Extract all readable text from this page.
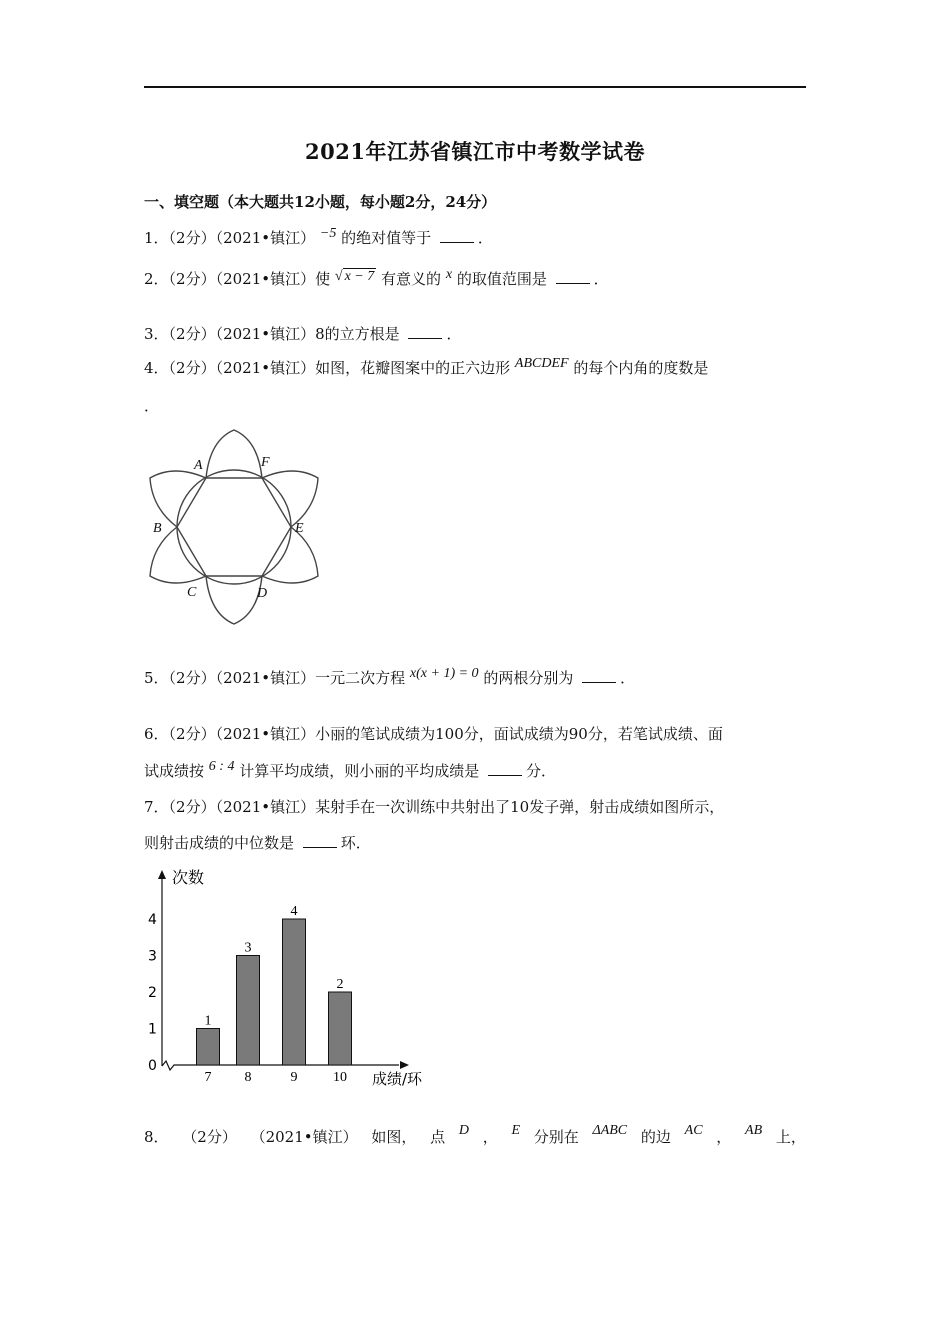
2021年江苏省镇江市中考数学试卷
一、填空题（本大题共12小题，每小题2分，24分）
1．（2分）（2021•镇江） −5 的绝对值等于	．
2．（2分）（2021•镇江）使 √ x − 7 有意义的 x 的取值范围是	．
3．（2分）（2021•镇江）8的立方根是	．
4．（2分）（2021•镇江）如图，花瓣图案中的正六边形 ABCDEF 的每个内角的度数是
．
A	F
B	E
C	D
5．（2分）（2021•镇江）一元二次方程 x(x + 1) = 0 的两根分别为	．
6．（2分）（2021•镇江）小丽的笔试成绩为100分，面试成绩为90分，若笔试成绩、面
试成绩按 6 : 4 计算平均成绩，则小丽的平均成绩是	分．
7．（2分）（2021•镇江）某射手在一次训练中共射出了10发子弹，射击成绩如图所示，
则射击成绩的中位数是	环．
次数
成绩/环
0
1
2
3
4
1
7
3
8
4
9
2
10
8． （2分） （2021•镇江） 如图， 点 D ， E 分别在 ΔABC 的边 AC ， AB 上，
